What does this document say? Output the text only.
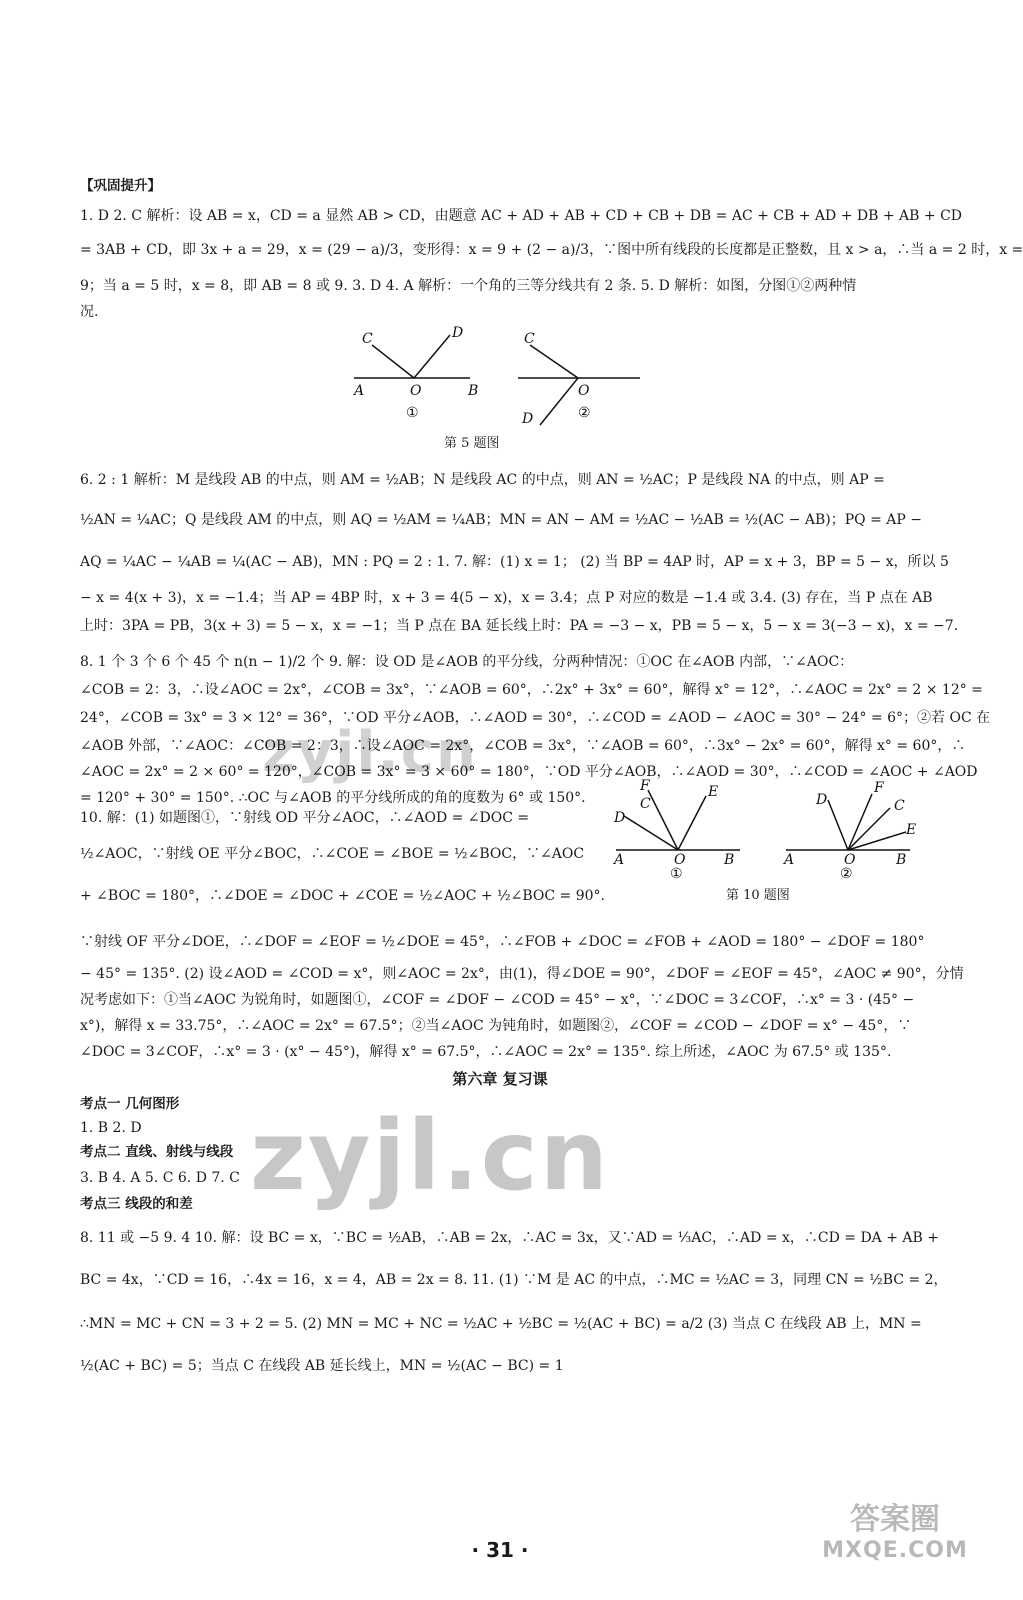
【巩固提升】
1. D 2. C 解析：设 AB = x，CD = a 显然 AB > CD，由题意 AC + AD + AB + CD + CB + DB = AC + CB + AD + DB + AB + CD
= 3AB + CD，即 3x + a = 29，x = (29 − a)/3，变形得：x = 9 + (2 − a)/3，∵图中所有线段的长度都是正整数，且 x > a，∴当 a = 2 时，x =
9；当 a = 5 时，x = 8，即 AB = 8 或 9. 3. D 4. A 解析：一个角的三等分线共有 2 条. 5. D 解析：如图，分图①②两种情
况.
C	D
A	O	B
①
C
D
O
②
第 5 题图
6. 2 : 1 解析：M 是线段 AB 的中点，则 AM = ½AB；N 是线段 AC 的中点，则 AN = ½AC；P 是线段 NA 的中点，则 AP =
½AN = ¼AC；Q 是线段 AM 的中点，则 AQ = ½AM = ¼AB；MN = AN − AM = ½AC − ½AB = ½(AC − AB)；PQ = AP −
AQ = ¼AC − ¼AB = ¼(AC − AB)，MN : PQ = 2 : 1. 7. 解：(1) x = 1； (2) 当 BP = 4AP 时，AP = x + 3，BP = 5 − x，所以 5
− x = 4(x + 3)，x = −1.4；当 AP = 4BP 时，x + 3 = 4(5 − x)，x = 3.4；点 P 对应的数是 −1.4 或 3.4. (3) 存在，当 P 点在 AB
上时：3PA = PB，3(x + 3) = 5 − x，x = −1；当 P 点在 BA 延长线上时：PA = −3 − x，PB = 5 − x，5 − x = 3(−3 − x)，x = −7.
8. 1 个 3 个 6 个 45 个 n(n − 1)/2 个 9. 解：设 OD 是∠AOB 的平分线，分两种情况：①OC 在∠AOB 内部，∵∠AOC：
∠COB = 2：3，∴设∠AOC = 2x°，∠COB = 3x°，∵∠AOB = 60°，∴2x° + 3x° = 60°，解得 x° = 12°，∴∠AOC = 2x° = 2 × 12° =
24°，∠COB = 3x° = 3 × 12° = 36°，∵OD 平分∠AOB，∴∠AOD = 30°，∴∠COD = ∠AOD − ∠AOC = 30° − 24° = 6°；②若 OC 在
∠AOB 外部，∵∠AOC：∠COB = 2：3，∴设∠AOC = 2x°，∠COB = 3x°，∵∠AOB = 60°，∴3x° − 2x° = 60°，解得 x° = 60°，∴
∠AOC = 2x° = 2 × 60° = 120°，∠COB = 3x° = 3 × 60° = 180°，∵OD 平分∠AOB，∴∠AOD = 30°，∴∠COD = ∠AOC + ∠AOD
= 120° + 30° = 150°. ∴OC 与∠AOB 的平分线所成的角的度数为 6° 或 150°.
10. 解：(1) 如题图①，∵射线 OD 平分∠AOC，∴∠AOD = ∠DOC =
½∠AOC，∵射线 OE 平分∠BOC，∴∠COE = ∠BOE = ½∠BOC，∵∠AOC
+ ∠BOC = 180°，∴∠DOE = ∠DOC + ∠COE = ½∠AOC + ½∠BOC = 90°.
F	E
C
D
A	O	B
①
D
F
C
E
A	O	B
②
第 10 题图
∵射线 OF 平分∠DOE，∴∠DOF = ∠EOF = ½∠DOE = 45°，∴∠FOB + ∠DOC = ∠FOB + ∠AOD = 180° − ∠DOF = 180°
− 45° = 135°. (2) 设∠AOD = ∠COD = x°，则∠AOC = 2x°，由(1)，得∠DOE = 90°，∠DOF = ∠EOF = 45°，∠AOC ≠ 90°，分情
况考虑如下：①当∠AOC 为锐角时，如题图①，∠COF = ∠DOF − ∠COD = 45° − x°，∵∠DOC = 3∠COF，∴x° = 3 · (45° −
x°)，解得 x = 33.75°，∴∠AOC = 2x° = 67.5°；②当∠AOC 为钝角时，如题图②，∠COF = ∠COD − ∠DOF = x° − 45°，∵
∠DOC = 3∠COF，∴x° = 3 · (x° − 45°)，解得 x° = 67.5°，∴∠AOC = 2x° = 135°. 综上所述，∠AOC 为 67.5° 或 135°.
第六章 复习课
考点一 几何图形
1. B 2. D
考点二 直线、射线与线段
3. B 4. A 5. C 6. D 7. C
考点三 线段的和差
8. 11 或 −5 9. 4 10. 解：设 BC = x，∵BC = ½AB，∴AB = 2x，∴AC = 3x，又∵AD = ⅓AC，∴AD = x，∴CD = DA + AB +
BC = 4x，∵CD = 16，∴4x = 16，x = 4，AB = 2x = 8. 11. (1) ∵M 是 AC 的中点，∴MC = ½AC = 3，同理 CN = ½BC = 2，
∴MN = MC + CN = 3 + 2 = 5. (2) MN = MC + NC = ½AC + ½BC = ½(AC + BC) = a/2 (3) 当点 C 在线段 AB 上，MN =
½(AC + BC) = 5；当点 C 在线段 AB 延长线上，MN = ½(AC − BC) = 1
· 31 ·
zyjl.cn
zyjl.cn
答案圈
MXQE.COM
